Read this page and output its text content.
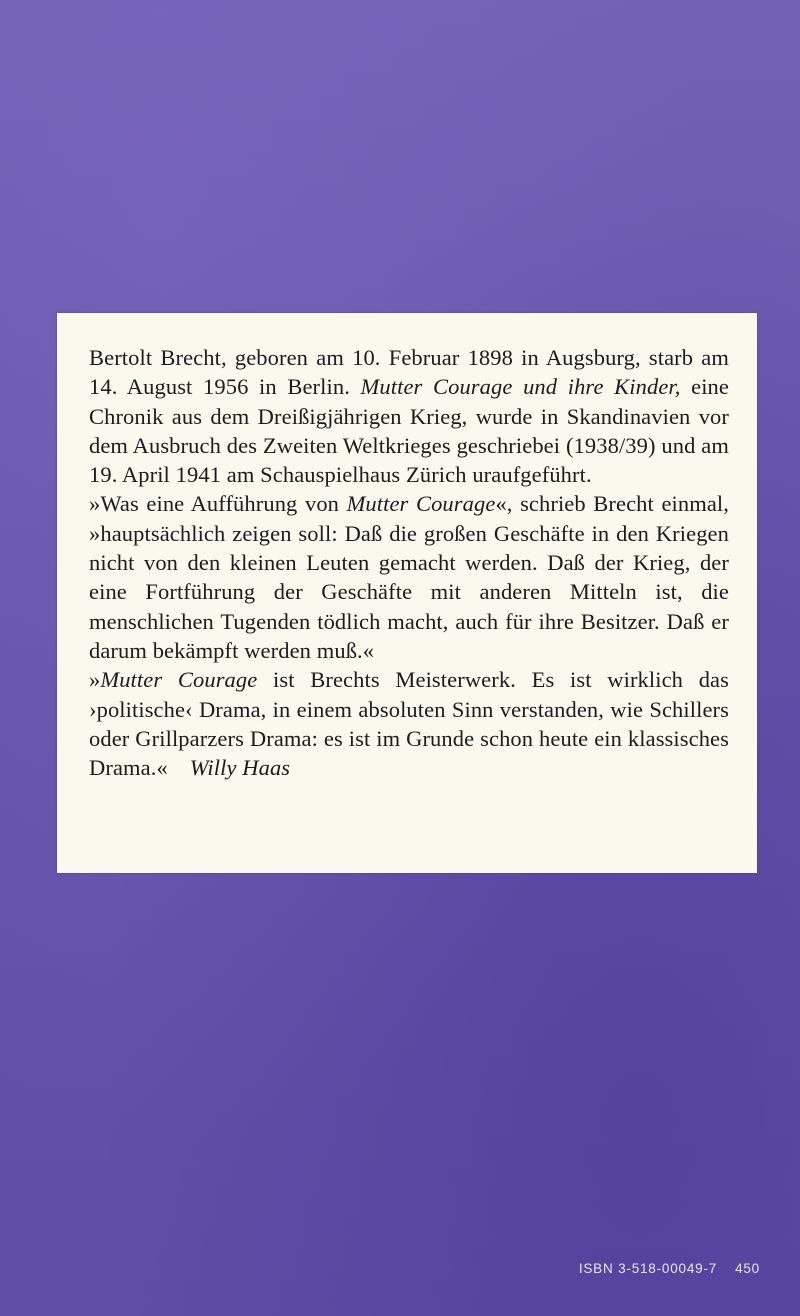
Bertolt Brecht, geboren am 10. Februar 1898 in Augsburg, starb am 14. August 1956 in Berlin. Mutter Courage und ihre Kinder, eine Chronik aus dem Dreißigjährigen Krieg, wurde in Skandinavien vor dem Ausbruch des Zweiten Weltkrieges geschriebei (1938/39) und am 19. April 1941 am Schauspielhaus Zürich uraufgeführt.

»Was eine Aufführung von Mutter Courage«, schrieb Brecht einmal, »hauptsächlich zeigen soll: Daß die großen Geschäfte in den Kriegen nicht von den kleinen Leuten gemacht werden. Daß der Krieg, der eine Fortführung der Geschäfte mit anderen Mitteln ist, die menschlichen Tugenden tödlich macht, auch für ihre Besitzer. Daß er darum bekämpft werden muß.«

»Mutter Courage ist Brechts Meisterwerk. Es ist wirklich das ›politische‹ Drama, in einem absoluten Sinn verstanden, wie Schillers oder Grillparzers Drama: es ist im Grunde schon heute ein klassisches Drama.« Willy Haas

ISBN 3-518-00049-7 450
